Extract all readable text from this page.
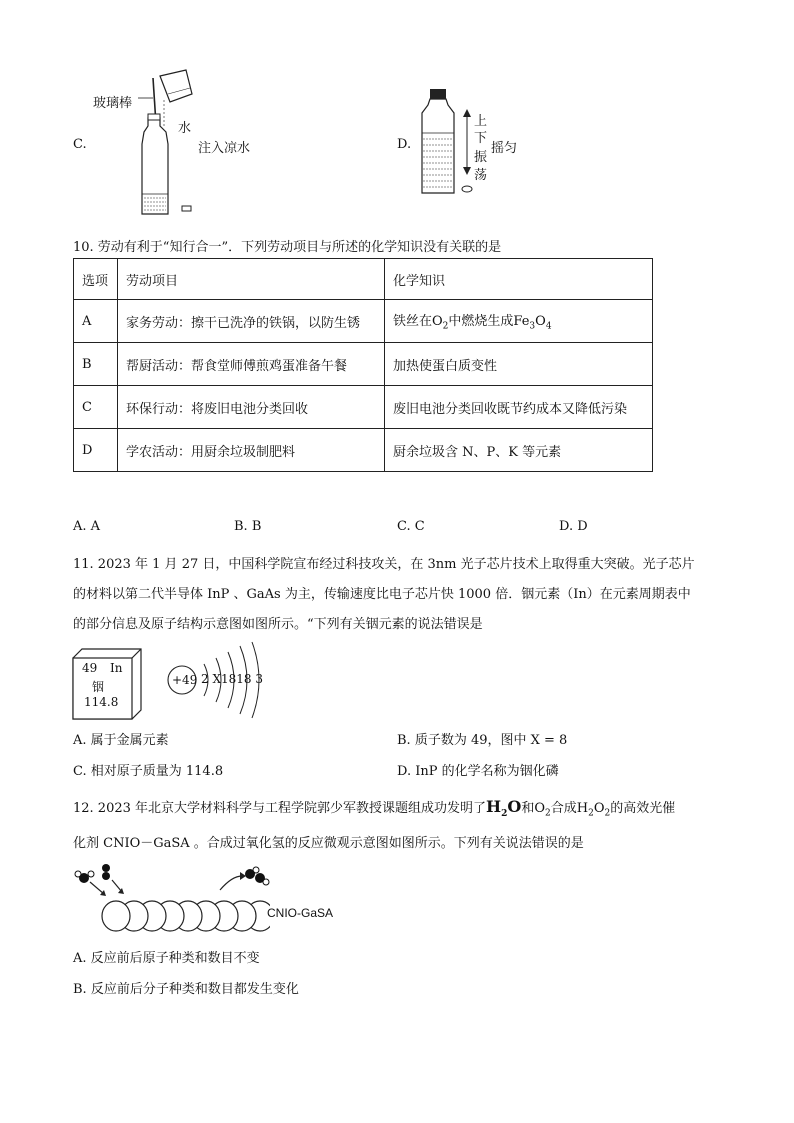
C.
玻璃棒
水
注入凉水	D.
上
下
摇匀
振
荡
10. 劳动有利于“知行合一”．下列劳动项目与所述的化学知识没有关联的是
选项	劳动项目	化学知识
A	家务劳动：擦干已洗净的铁锅，以防生锈	铁丝在$O_2$中燃烧生成$Fe_3O_4$
B	帮厨活动：帮食堂师傅煎鸡蛋准备午餐	加热使蛋白质变性
C	环保行动：将废旧电池分类回收	废旧电池分类回收既节约成本又降低污染
D	学农活动：用厨余垃圾制肥料	厨余垃圾含 N、P、K 等元素
A. A	B. B	C. C	D. D
11. 2023 年 1 月 27 日，中国科学院宣布经过科技攻关，在 3nm 光子芯片技术上取得重大突破。光子芯片
的材料以第二代半导体 InP 、GaAs 为主，传输速度比电子芯片快 1000 倍．铟元素（In）在元素周期表中
的部分信息及原子结构示意图如图所示。“下列有关铟元素的说法错误是
49 In
铟
114.8
+49 2 X1818 3
A. 属于金属元素	B. 质子数为 49，图中 X = 8
C. 相对原子质量为 114.8	D. InP 的化学名称为铟化磷
12. 2023 年北京大学材料科学与工程学院郭少军教授课题组成功发明了$H_2O$和$O_2$合成$H_2O_2$的高效光催
化剂 CNIO－GaSA 。合成过氧化氢的反应微观示意图如图所示。下列有关说法错误的是
CNIO-GaSA
A. 反应前后原子种类和数目不变
B. 反应前后分子种类和数目都发生变化
